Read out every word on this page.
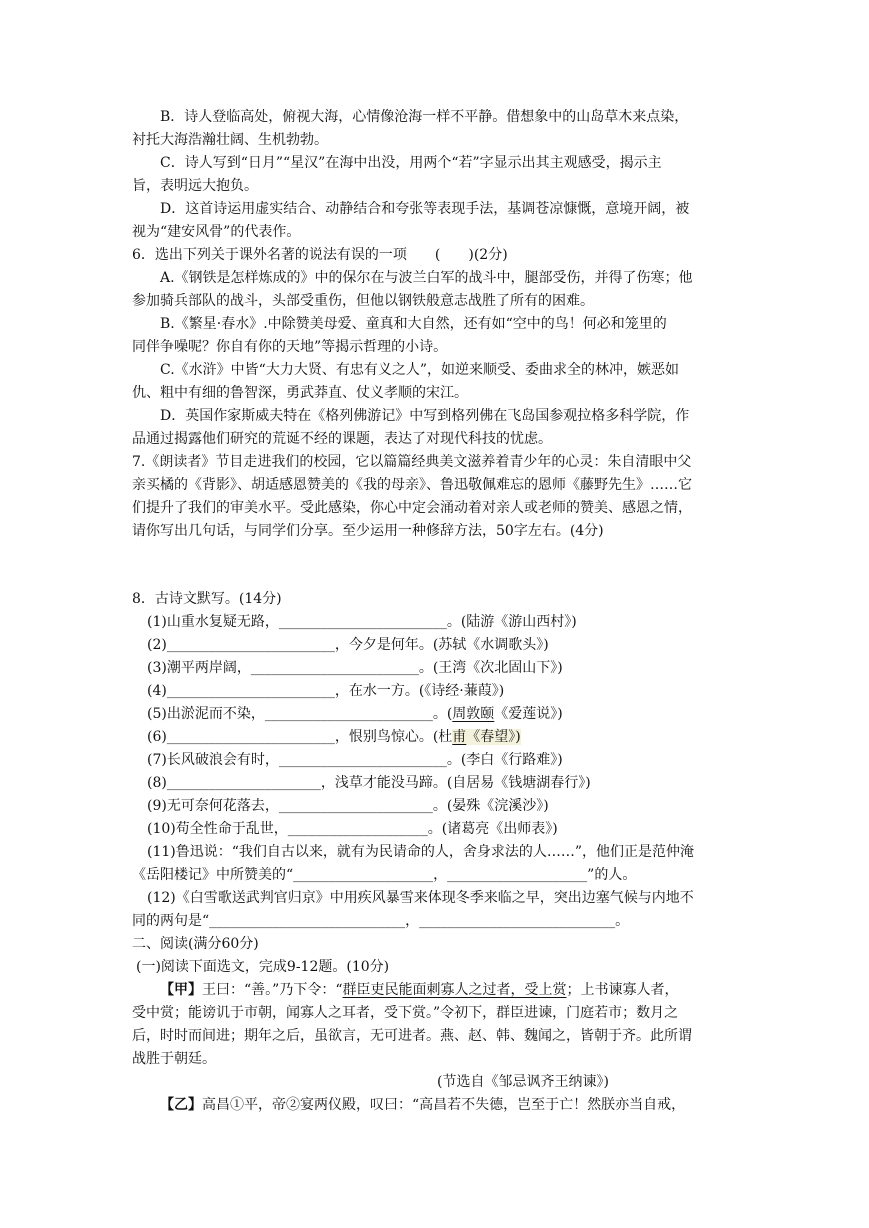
B．诗人登临高处，俯视大海，心情像沧海一样不平静。借想象中的山岛草木来点染，
衬托大海浩瀚壮阔、生机勃勃。
C．诗人写到“日月”“星汉”在海中出没，用两个“若”字显示出其主观感受，揭示主
旨，表明远大抱负。
D．这首诗运用虚实结合、动静结合和夸张等表现手法，基调苍凉慷慨，意境开阔，被
视为“建安风骨”的代表作。
6．选出下列关于课外名著的说法有误的一项　　(　　)(2分)
A.《钢铁是怎样炼成的》中的保尔在与波兰白军的战斗中，腿部受伤，并得了伤寒；他
参加骑兵部队的战斗，头部受重伤，但他以钢铁般意志战胜了所有的困难。
B.《繁星·春水》.中除赞美母爱、童真和大自然，还有如“空中的鸟！何必和笼里的
同伴争噪呢？你自有你的天地”等揭示哲理的小诗。
C.《水浒》中皆“大力大贤、有忠有义之人”，如逆来顺受、委曲求全的林冲，嫉恶如
仇、粗中有细的鲁智深，勇武莽直、仗义孝顺的宋江。
D．英国作家斯威夫特在《格列佛游记》中写到格列佛在飞岛国参观拉格多科学院，作
品通过揭露他们研究的荒诞不经的课题，表达了对现代科技的忧虑。
7.《朗读者》节目走进我们的校园，它以篇篇经典美文滋养着青少年的心灵：朱自清眼中父
亲买橘的《背影》、胡适感恩赞美的《我的母亲》、鲁迅敬佩难忘的恩师《藤野先生》……它
们提升了我们的审美水平。受此感染，你心中定会涌动着对亲人或老师的赞美、感恩之情，
请你写出几句话，与同学们分享。至少运用一种修辞方法，50字左右。(4分)
8．古诗文默写。(14分)
(1)山重水复疑无路，________________________。(陆游《游山西村》)
(2)________________________，今夕是何年。(苏轼《水调歌头》)
(3)潮平两岸阔，________________________。(王湾《次北固山下》)
(4)________________________，在水一方。(《诗经·蒹葭》)
(5)出淤泥而不染，________________________。(周敦颐《爱莲说》)
(6)________________________，恨别鸟惊心。(杜甫《春望》)
(7)长风破浪会有时，________________________。(李白《行路难》)
(8)______________________，浅草才能没马蹄。(自居易《钱塘湖春行》)
(9)无可奈何花落去，______________________。(晏殊《浣溪沙》)
(10)苟全性命于乱世，____________________。(诸葛亮《出师表》)
(11)鲁迅说：“我们自古以来，就有为民请命的人，舍身求法的人……”，他们正是范仲淹
《岳阳楼记》中所赞美的“____________________，____________________”的人。
(12)《白雪歌送武判官归京》中用疾风暴雪来体现冬季来临之早，突出边塞气候与内地不
同的两句是“____________________________，____________________________。
二、阅读(满分60分)
(一)阅读下面选文，完成9-12题。(10分)
【甲】王曰：“善。”乃下令：“群臣吏民能面刺寡人之过者，受上赏；上书谏寡人者，
受中赏；能谤讥于市朝，闻寡人之耳者，受下赏。”令初下，群臣进谏，门庭若市；数月之
后，时时而间进；期年之后，虽欲言，无可进者。燕、赵、韩、魏闻之，皆朝于齐。此所谓
战胜于朝廷。
(节选自《邹忌讽齐王纳谏》)
【乙】高昌①平，帝②宴两仪殿，叹曰：“高昌若不失德，岂至于亡！然朕亦当自戒，
